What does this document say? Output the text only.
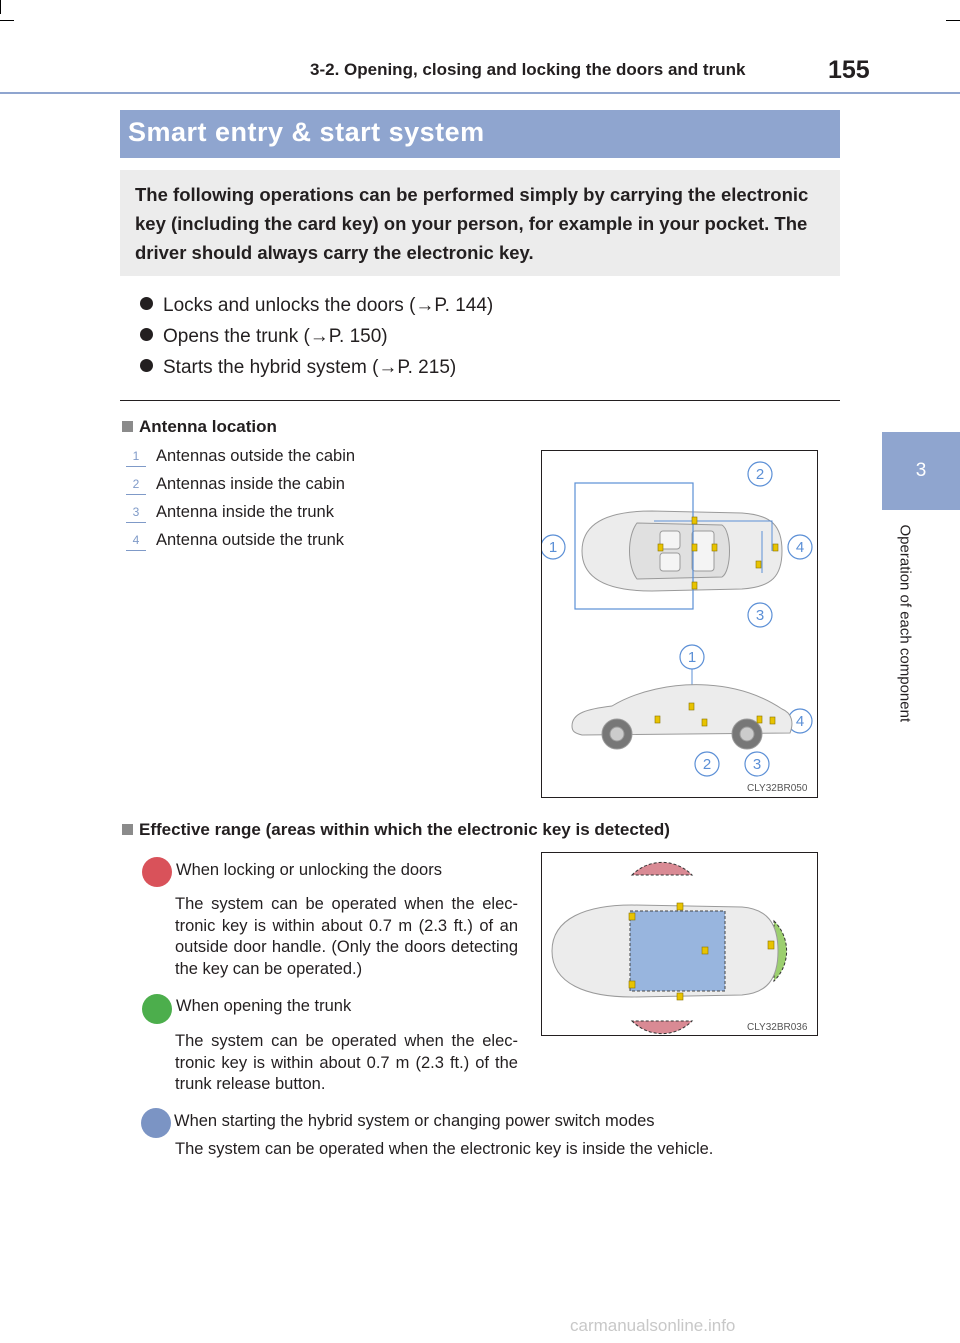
3-2. Opening, closing and locking the doors and trunk	155
3
Operation of each component
Smart entry & start system

The following operations can be performed simply by carrying the electronic key (including the card key) on your person, for example in your pocket. The driver should always carry the electronic key.

Locks and unlocks the doors (→P. 144)
Opens the trunk (→P. 150)
Starts the hybrid system (→P. 215)
Antenna location
1 Antennas outside the cabin
2 Antennas inside the cabin
3 Antenna inside the trunk
4 Antenna outside the trunk
2
1	4
3
1
4
2	3
CLY32BR050
Effective range (areas within which the electronic key is detected)
When locking or unlocking the doors
The system can be operated when the elec- tronic key is within about 0.7 m (2.3 ft.) of an outside door handle. (Only the doors detecting the key can be operated.)
When opening the trunk
The system can be operated when the elec- tronic key is within about 0.7 m (2.3 ft.) of the trunk release button.
When starting the hybrid system or changing power switch modes
The system can be operated when the electronic key is inside the vehicle.
CLY32BR036
carmanualsonline.info
